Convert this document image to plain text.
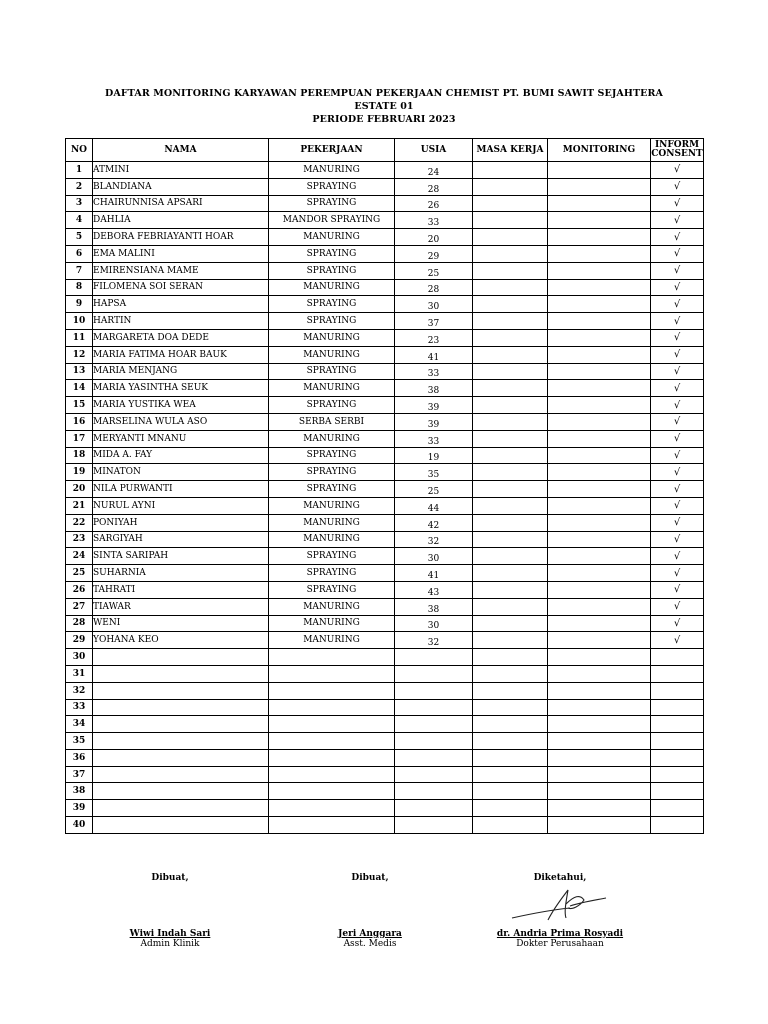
DAFTAR MONITORING KARYAWAN PEREMPUAN PEKERJAAN CHEMIST PT. BUMI SAWIT SEJAHTERA
ESTATE 01
PERIODE FEBRUARI 2023
NO	NAMA	PEKERJAAN	USIA	MASA KERJA	MONITORING	INFORM
CONSENT
1	ATMINI	MANURING	24			√
2	BLANDIANA	SPRAYING	28			√
3	CHAIRUNNISA APSARI	SPRAYING	26			√
4	DAHLIA	MANDOR SPRAYING	33			√
5	DEBORA FEBRIAYANTI HOAR	MANURING	20			√
6	EMA MALINI	SPRAYING	29			√
7	EMIRENSIANA MAME	SPRAYING	25			√
8	FILOMENA SOI SERAN	MANURING	28			√
9	HAPSA	SPRAYING	30			√
10	HARTIN	SPRAYING	37			√
11	MARGARETA DOA DEDE	MANURING	23			√
12	MARIA FATIMA HOAR BAUK	MANURING	41			√
13	MARIA MENJANG	SPRAYING	33			√
14	MARIA YASINTHA SEUK	MANURING	38			√
15	MARIA YUSTIKA WEA	SPRAYING	39			√
16	MARSELINA WULA ASO	SERBA SERBI	39			√
17	MERYANTI MNANU	MANURING	33			√
18	MIDA A. FAY	SPRAYING	19			√
19	MINATON	SPRAYING	35			√
20	NILA PURWANTI	SPRAYING	25			√
21	NURUL AYNI	MANURING	44			√
22	PONIYAH	MANURING	42			√
23	SARGIYAH	MANURING	32			√
24	SINTA SARIPAH	SPRAYING	30			√
25	SUHARNIA	SPRAYING	41			√
26	TAHRATI	SPRAYING	43			√
27	TIAWAR	MANURING	38			√
28	WENI	MANURING	30			√
29	YOHANA KEO	MANURING	32			√
30						
31						
32						
33						
34						
35						
36						
37						
38						
39						
40						
Dibuat,
Wiwi Indah Sari
Admin Klinik
Dibuat,
Jeri Anggara
Asst. Medis
Diketahui,
dr. Andria Prima Rosyadi
Dokter Perusahaan
